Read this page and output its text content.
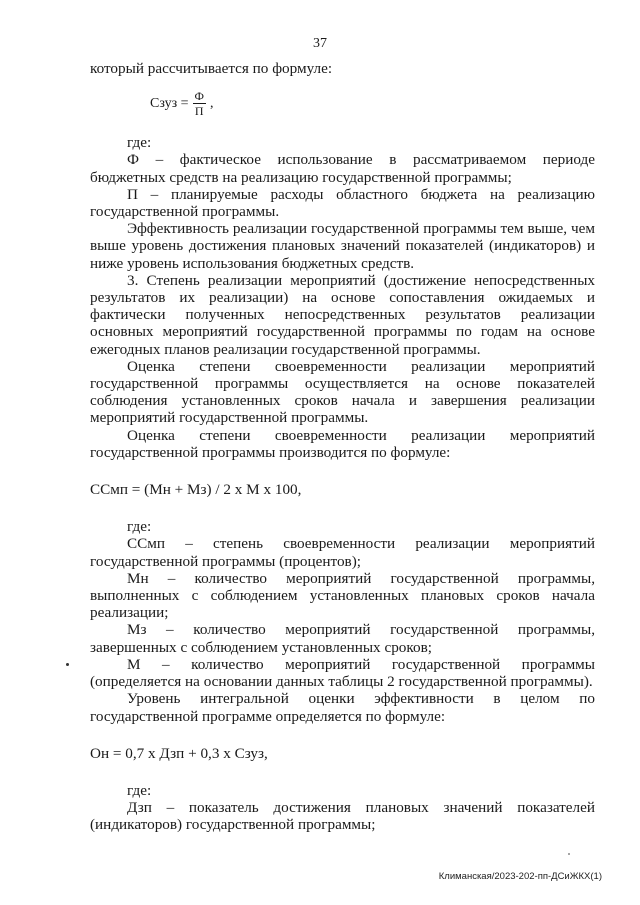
37

который рассчитывается по формуле:

Сзуз = $\frac{Ф}{П}$ ,

где:

Ф – фактическое использование в рассматриваемом периоде бюджетных средств на реализацию государственной программы;

П – планируемые расходы областного бюджета на реализацию государственной программы.

Эффективность реализации государственной программы тем выше, чем выше уровень достижения плановых значений показателей (индикаторов) и ниже уровень использования бюджетных средств.

3. Степень реализации мероприятий (достижение непосредственных результатов их реализации) на основе сопоставления ожидаемых и фактически полученных непосредственных результатов реализации основных мероприятий государственной программы по годам на основе ежегодных планов реализации государственной программы.

Оценка степени своевременности реализации мероприятий государственной программы осуществляется на основе показателей соблюдения установленных сроков начала и завершения реализации мероприятий государственной программы.

Оценка степени своевременности реализации мероприятий государственной программы производится по формуле:

ССмп = (Мн + Мз) / 2 х М х 100,

где:

ССмп – степень своевременности реализации мероприятий государственной программы (процентов);

Мн – количество мероприятий государственной программы, выполненных с соблюдением установленных плановых сроков начала реализации;

Мз – количество мероприятий государственной программы, завершенных с соблюдением установленных сроков;

М – количество мероприятий государственной программы (определяется на основании данных таблицы 2 государственной программы).

Уровень интегральной оценки эффективности в целом по государственной программе определяется по формуле:

Он = 0,7 х Дзп + 0,3 х Сзуз,

где:

Дзп – показатель достижения плановых значений показателей (индикаторов) государственной программы;

Климанская/2023-202-пп-ДСиЖКХ(1)
